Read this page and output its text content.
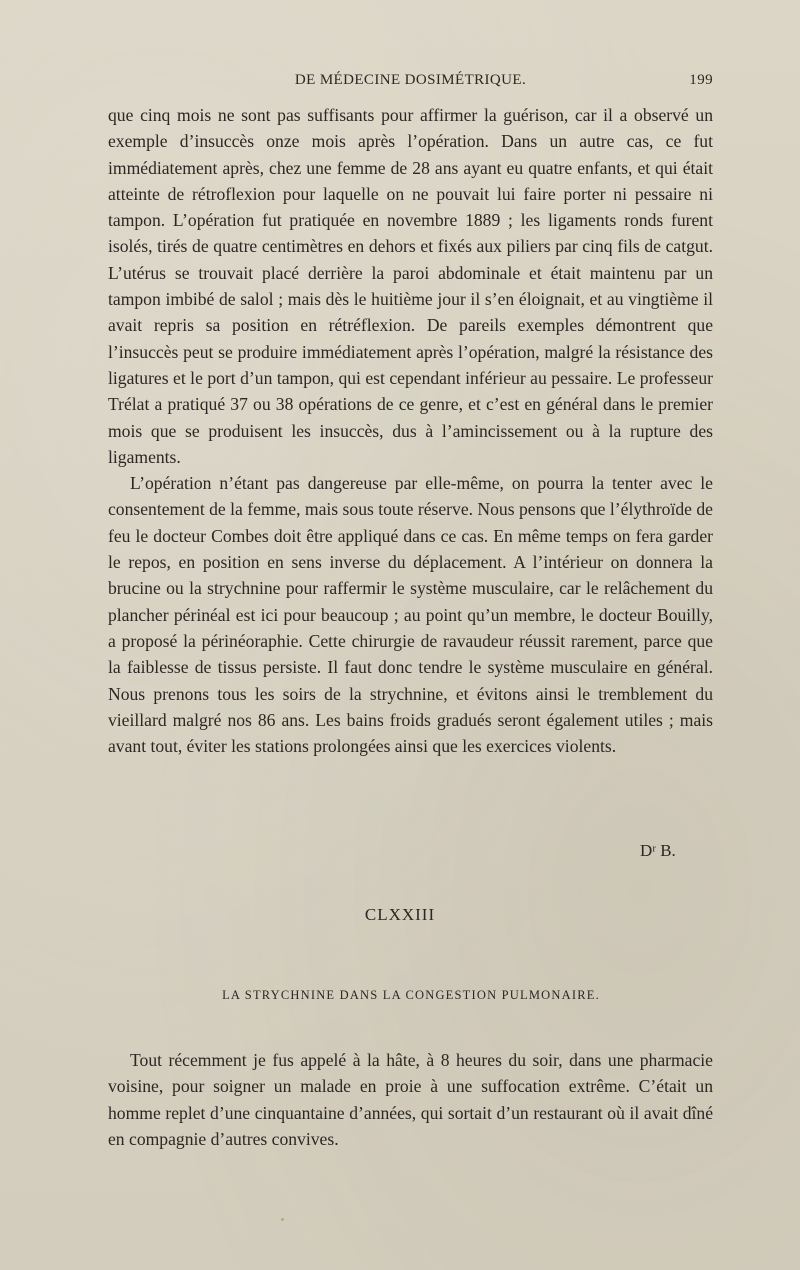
DE MÉDECINE DOSIMÉTRIQUE.	199

que cinq mois ne sont pas suffisants pour affirmer la guérison, car il a observé un exemple d’insuccès onze mois après l’opération. Dans un autre cas, ce fut immédiatement après, chez une femme de 28 ans ayant eu quatre enfants, et qui était atteinte de rétroflexion pour laquelle on ne pouvait lui faire porter ni pessaire ni tampon. L’opération fut pratiquée en novembre 1889 ; les ligaments ronds furent isolés, tirés de quatre centimètres en dehors et fixés aux piliers par cinq fils de catgut. L’utérus se trouvait placé derrière la paroi abdominale et était maintenu par un tampon imbibé de salol ; mais dès le huitième jour il s’en éloignait, et au vingtième il avait repris sa position en rétréflexion. De pareils exemples démontrent que l’insuccès peut se produire immédiatement après l’opération, malgré la résistance des ligatures et le port d’un tampon, qui est cependant inférieur au pessaire. Le professeur Trélat a pratiqué 37 ou 38 opérations de ce genre, et c’est en général dans le premier mois que se produisent les insuccès, dus à l’amincissement ou à la rupture des ligaments.

L’opération n’étant pas dangereuse par elle-même, on pourra la tenter avec le consentement de la femme, mais sous toute réserve. Nous pensons que l’élythroïde de feu le docteur Combes doit être appliqué dans ce cas. En même temps on fera garder le repos, en position en sens inverse du déplacement. A l’intérieur on donnera la brucine ou la strychnine pour raffermir le système musculaire, car le relâchement du plancher périnéal est ici pour beaucoup ; au point qu’un membre, le docteur Bouilly, a proposé la périnéoraphie. Cette chirurgie de ravaudeur réussit rarement, parce que la faiblesse de tissus persiste. Il faut donc tendre le système musculaire en général. Nous prenons tous les soirs de la strychnine, et évitons ainsi le tremblement du vieillard malgré nos 86 ans. Les bains froids gradués seront également utiles ; mais avant tout, éviter les stations prolongées ainsi que les exercices violents.

Dʳ B.
CLXXIII
LA STRYCHNINE DANS LA CONGESTION PULMONAIRE.

Tout récemment je fus appelé à la hâte, à 8 heures du soir, dans une pharmacie voisine, pour soigner un malade en proie à une suffocation extrême. C’était un homme replet d’une cinquantaine d’années, qui sortait d’un restaurant où il avait dîné en compagnie d’autres convives.
